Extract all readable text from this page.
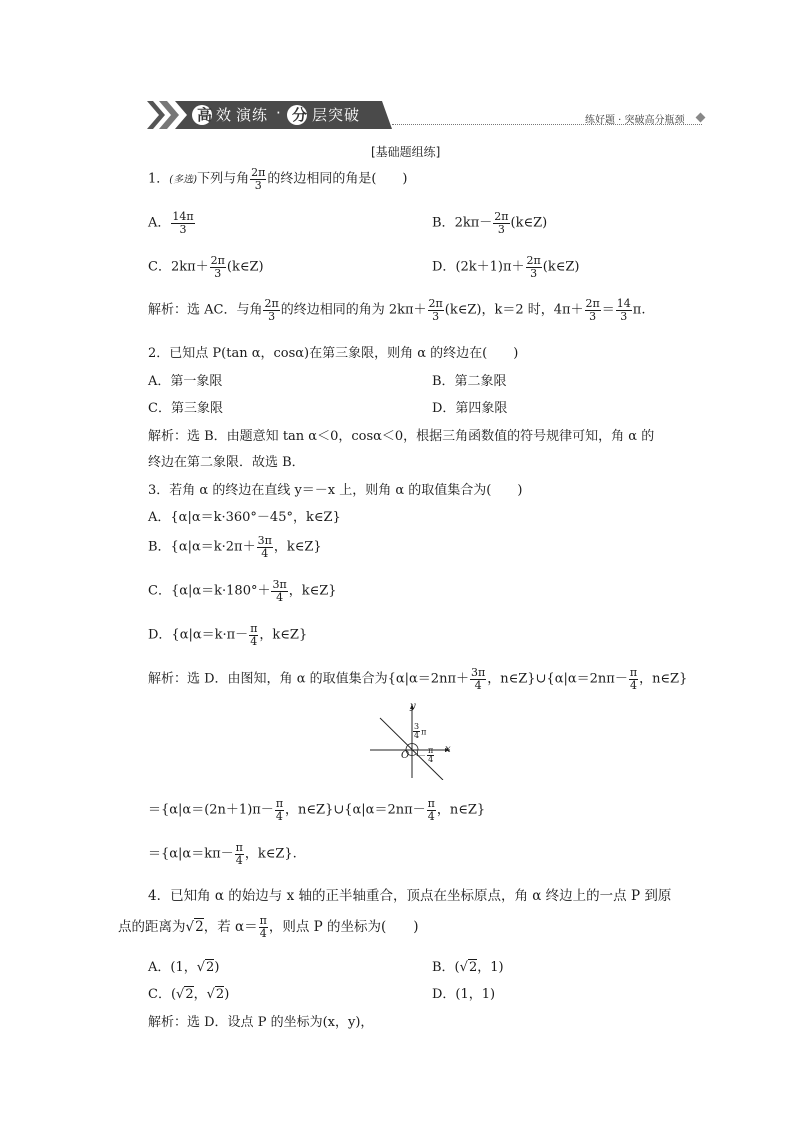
高 效 演练 · 分 层突破	练好题 · 突破高分瓶颈
[基础题组练]
1．(多选)下列与角 $\frac{2\pi}{3}$ 的终边相同的角是(　　)
A． $\frac{14\pi}{3}$	B．$2k\pi- \frac{2\pi}{3}$ (k∈Z)
C．$2k\pi+ \frac{2\pi}{3}$ (k∈Z)	D．$(2k+1)\pi+ \frac{2\pi}{3}$ (k∈Z)
解析：选 AC．与角 $\frac{2\pi}{3}$ 的终边相同的角为 $2k\pi+ \frac{2\pi}{3}$ (k∈Z)，k＝2 时，$4\pi+ \frac{2\pi}{3} = \frac{14}{3} \pi$.
2．已知点 P(tan α，cosα)在第三象限，则角 α 的终边在(　　)
A．第一象限	B．第二象限
C．第三象限	D．第四象限
解析：选 B．由题意知 tan α＜0，cosα＜0，根据三角函数值的符号规律可知，角 α 的
终边在第二象限．故选 B．
3．若角 α 的终边在直线 y＝－x 上，则角 α 的取值集合为(　　)
A．{α|α＝k·360°－45°，k∈Z}
B．{$\alpha|\alpha=k\cdot 2\pi+ \frac{3\pi}{4}$ ，k∈Z}
C．{$\alpha|\alpha=k\cdot 180^\circ+ \frac{3\pi}{4}$ ，k∈Z}
D．{$\alpha|\alpha=k\cdot\pi- \frac{\pi}{4}$ ，k∈Z}
解析：选 D．由图知，角 α 的取值集合为{$\alpha|\alpha=2n\pi+ \frac{3\pi}{4}$ ，n∈Z}∪{α|α＝2nπ－ $\frac{\pi}{4}$ ，n∈Z}
y
x
O
$\frac{3}{4}$ π
－ $\frac{\pi}{4}$
$=\{\alpha|\alpha=(2n+1)\pi- \frac{\pi}{4}$ ，n∈Z}∪{α|α＝2nπ－ $\frac{\pi}{4}$ ，n∈Z}
$=\{\alpha|\alpha=k\pi- \frac{\pi}{4}$ ，k∈Z}.
4．已知角 α 的始边与 x 轴的正半轴重合，顶点在坐标原点，角 α 终边上的一点 P 到原
点的距离为√2，若 $\alpha= \frac{\pi}{4}$ ，则点 P 的坐标为(　　)
A．(1，√2)	B．(√2，1)
C．(√2，√2)	D．(1，1)
解析：选 D．设点 P 的坐标为(x，y)，
